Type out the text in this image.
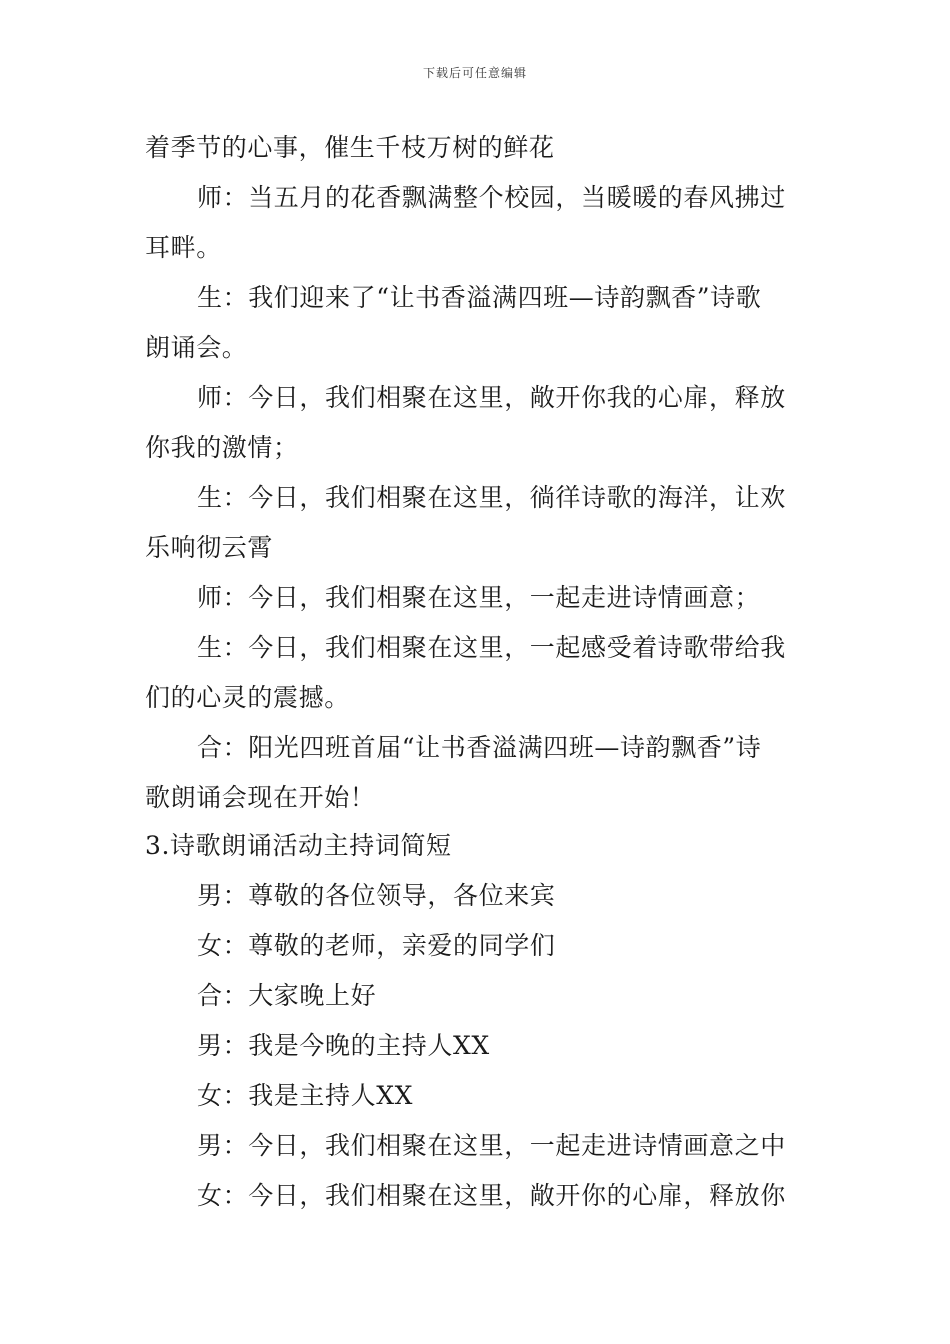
下载后可任意编辑
着季节的心事，催生千枝万树的鲜花
师：当五月的花香飘满整个校园，当暖暖的春风拂过
耳畔。
生：我们迎来了“让书香溢满四班—诗韵飘香”诗歌
朗诵会。
师：今日，我们相聚在这里，敞开你我的心扉，释放
你我的激情；
生：今日，我们相聚在这里，徜徉诗歌的海洋，让欢
乐响彻云霄
师：今日，我们相聚在这里，一起走进诗情画意；
生：今日，我们相聚在这里，一起感受着诗歌带给我
们的心灵的震撼。
合：阳光四班首届“让书香溢满四班—诗韵飘香”诗
歌朗诵会现在开始！
3.诗歌朗诵活动主持词简短
男：尊敬的各位领导，各位来宾
女：尊敬的老师，亲爱的同学们
合：大家晚上好
男：我是今晚的主持人XX
女：我是主持人XX
男：今日，我们相聚在这里，一起走进诗情画意之中
女：今日，我们相聚在这里，敞开你的心扉，释放你
